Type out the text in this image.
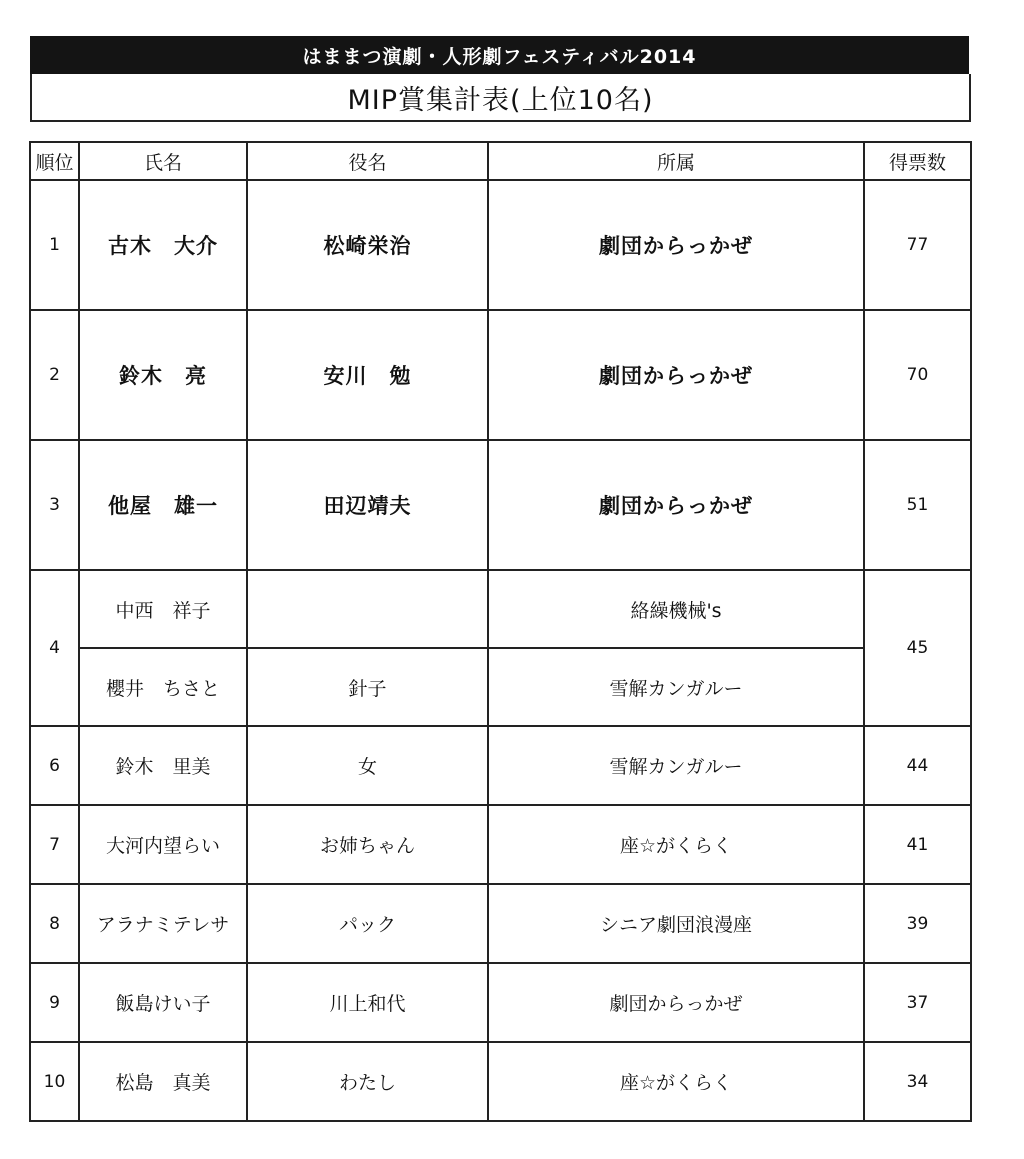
はままつ演劇・人形劇フェスティバル2014
MIP賞集計表(上位10名)
順位	氏名	役名	所属	得票数
1	古木　大介	松崎栄治	劇団からっかぜ	77
2	鈴木　亮	安川　勉	劇団からっかぜ	70
3	他屋　雄一	田辺靖夫	劇団からっかぜ	51
4	中西　祥子		絡繰機械's	45
	櫻井　ちさと	針子	雪解カンガルー	
6	鈴木　里美	女	雪解カンガルー	44
7	大河内望らい	お姉ちゃん	座☆がくらく	41
8	アラナミテレサ	パック	シニア劇団浪漫座	39
9	飯島けい子	川上和代	劇団からっかぜ	37
10	松島　真美	わたし	座☆がくらく	34
